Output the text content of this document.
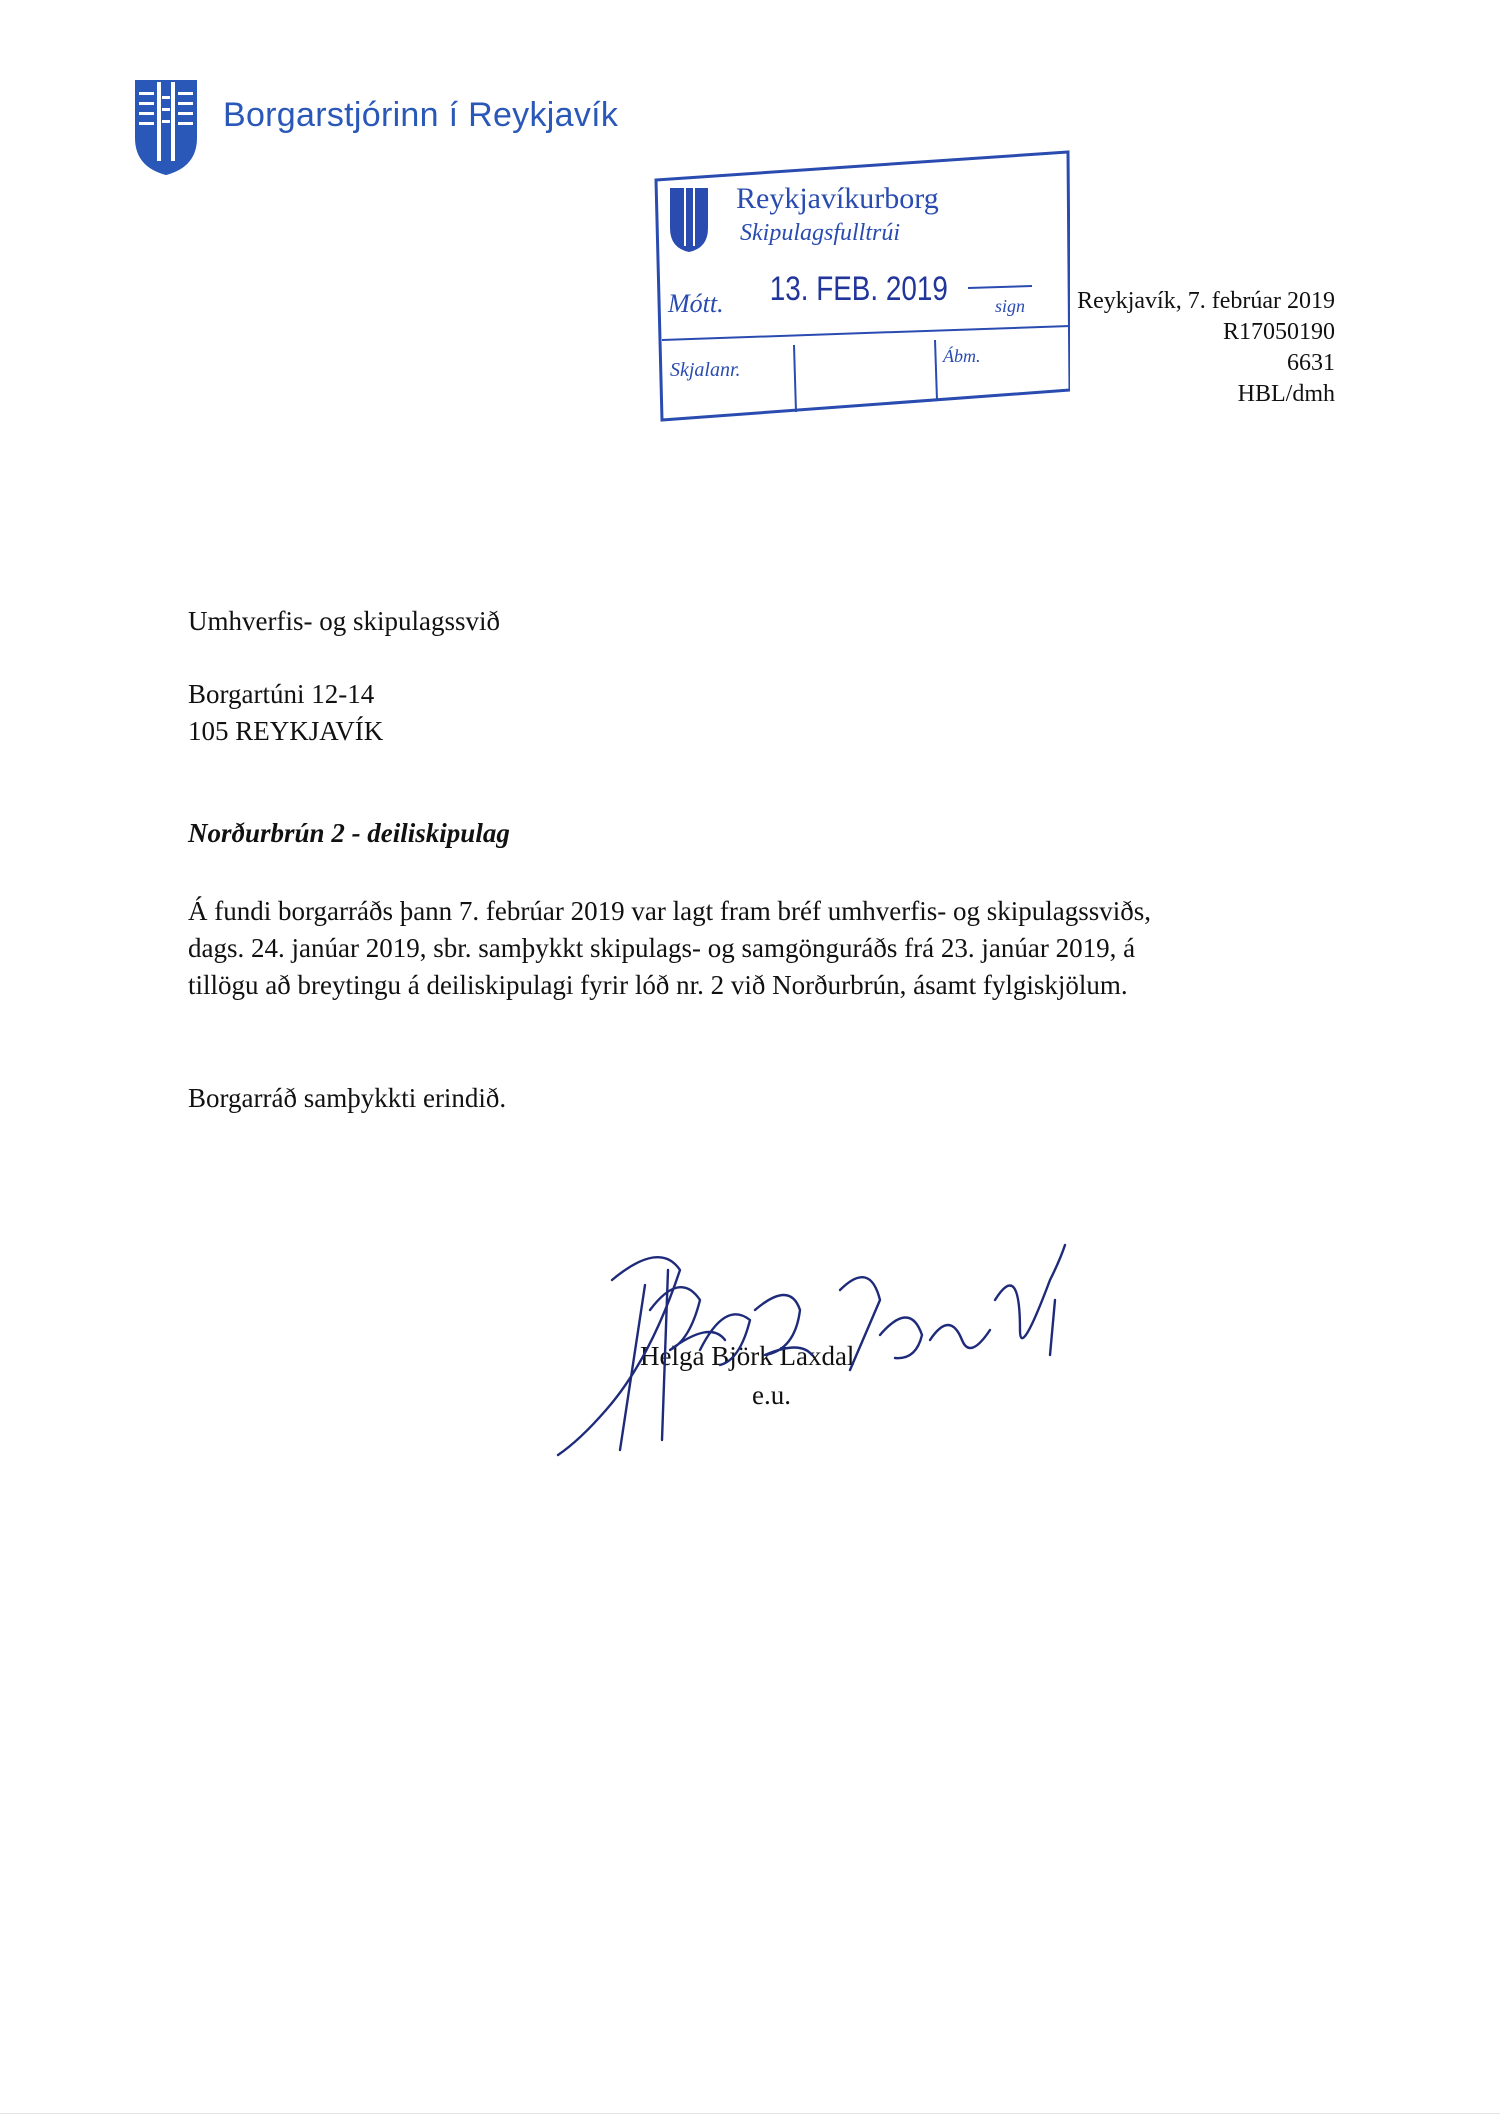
Borgarstjórinn í Reykjavík
Reykjavíkurborg
Skipulagsfulltrúi
Mótt. 13. FEB. 2019	sign
Skjalanr.
Ábm.
Reykjavík, 7. febrúar 2019
R17050190
6631
HBL/dmh
Umhverfis- og skipulagssvið
Borgartúni 12-14
105 REYKJAVÍK
Norðurbrún 2 - deiliskipulag
Á fundi borgarráðs þann 7. febrúar 2019 var lagt fram bréf umhverfis- og skipulagssviðs,
dags. 24. janúar 2019, sbr. samþykkt skipulags- og samgönguráðs frá 23. janúar 2019, á
tillögu að breytingu á deiliskipulagi fyrir lóð nr. 2 við Norðurbrún, ásamt fylgiskjölum.
Borgarráð samþykkti erindið.
Helga Björk Laxdal
e.u.
